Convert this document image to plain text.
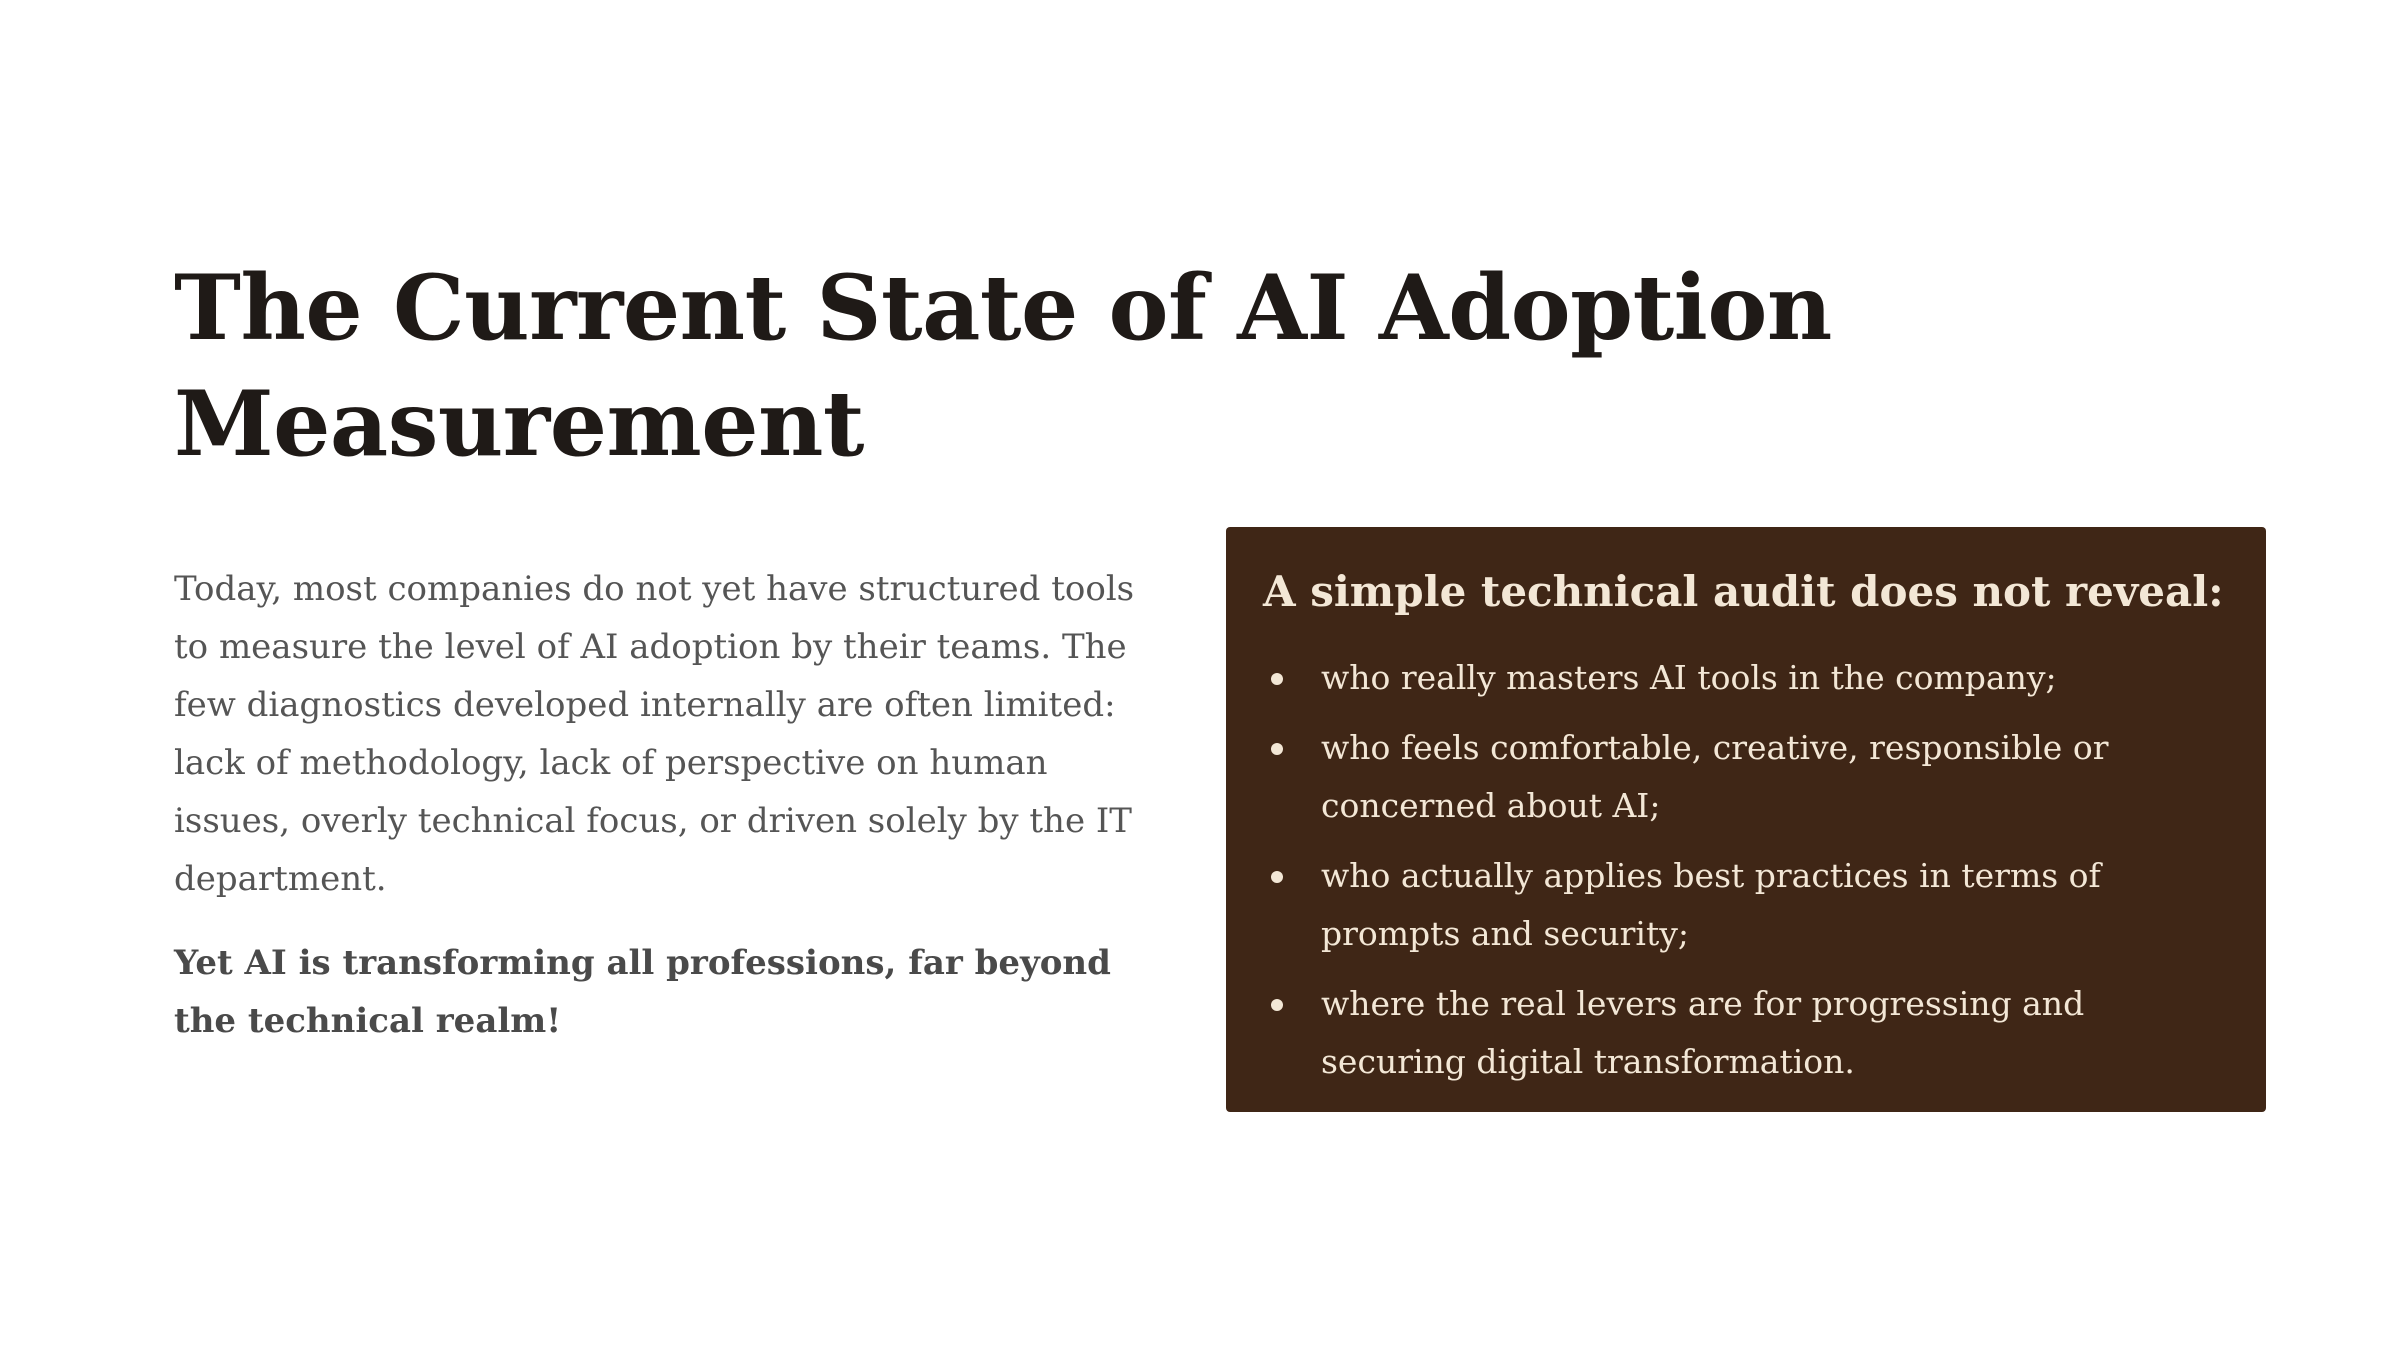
The Current State of AI Adoption Measurement

Today, most companies do not yet have structured tools to measure the level of AI adoption by their teams. The few diagnostics developed internally are often limited: lack of methodology, lack of perspective on human issues, overly technical focus, or driven solely by the IT department.

Yet AI is transforming all professions, far beyond the technical realm!

A simple technical audit does not reveal:
who really masters AI tools in the company;
who feels comfortable, creative, responsible or concerned about AI;
who actually applies best practices in terms of prompts and security;
where the real levers are for progressing and securing digital transformation.
